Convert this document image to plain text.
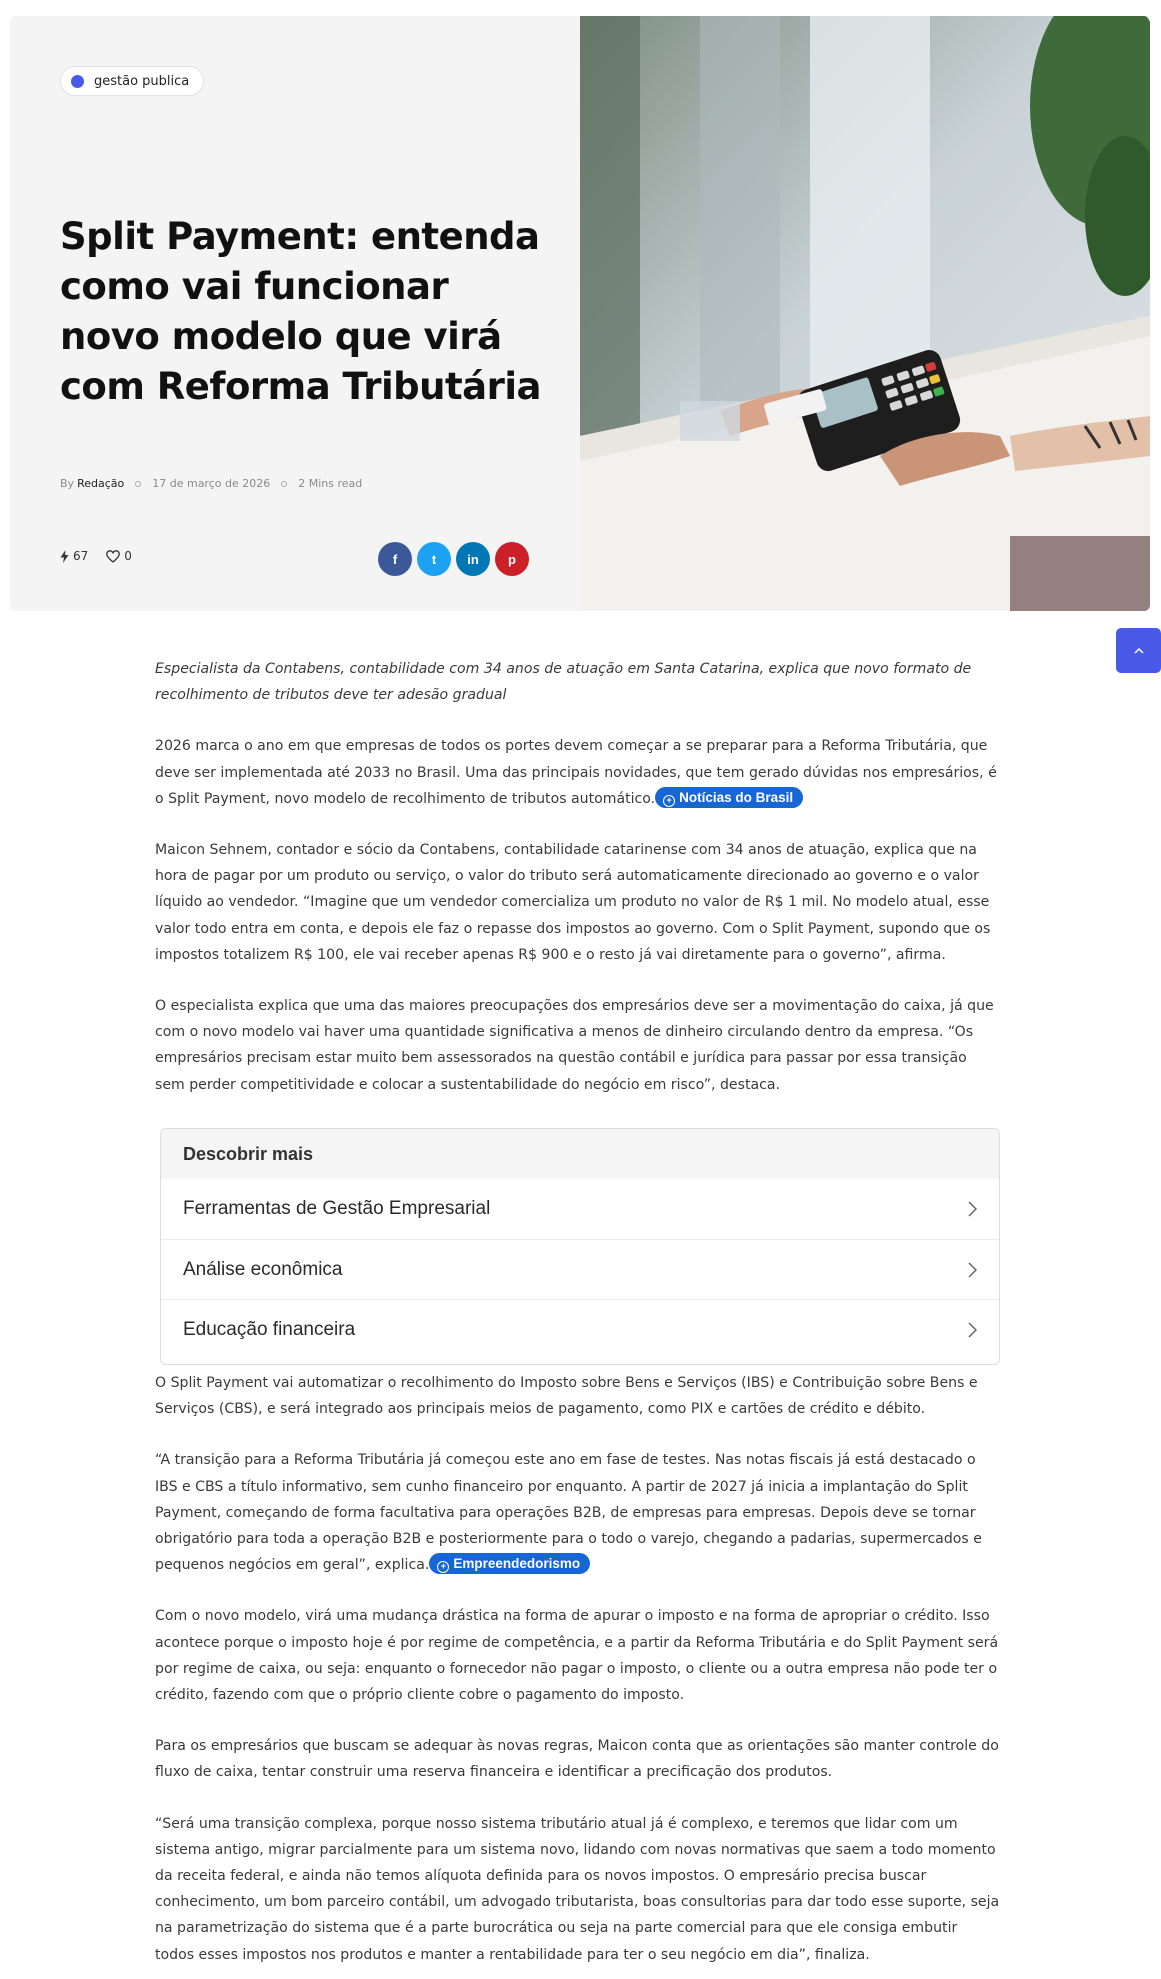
gestão publica
Split Payment: entenda como vai funcionar novo modelo que virá com Reforma Tributária
By Redação	17 de março de 2026	2 Mins read
67	0	f	t in p

Especialista da Contabens, contabilidade com 34 anos de atuação em Santa Catarina, explica que novo formato de recolhimento de tributos deve ter adesão gradual

2026 marca o ano em que empresas de todos os portes devem começar a se preparar para a Reforma Tributária, que deve ser implementada até 2033 no Brasil. Uma das principais novidades, que tem gerado dúvidas nos empresários, é o Split Payment, novo modelo de recolhimento de tributos automático. + Notícias do Brasil

Maicon Sehnem, contador e sócio da Contabens, contabilidade catarinense com 34 anos de atuação, explica que na hora de pagar por um produto ou serviço, o valor do tributo será automaticamente direcionado ao governo e o valor líquido ao vendedor. “Imagine que um vendedor comercializa um produto no valor de R$ 1 mil. No modelo atual, esse valor todo entra em conta, e depois ele faz o repasse dos impostos ao governo. Com o Split Payment, supondo que os impostos totalizem R$ 100, ele vai receber apenas R$ 900 e o resto já vai diretamente para o governo”, afirma.

O especialista explica que uma das maiores preocupações dos empresários deve ser a movimentação do caixa, já que com o novo modelo vai haver uma quantidade significativa a menos de dinheiro circulando dentro da empresa. “Os empresários precisam estar muito bem assessorados na questão contábil e jurídica para passar por essa transição sem perder competitividade e colocar a sustentabilidade do negócio em risco”, destaca.

Descobrir mais
Ferramentas de Gestão Empresarial
Análise econômica
Educação financeira

O Split Payment vai automatizar o recolhimento do Imposto sobre Bens e Serviços (IBS) e Contribuição sobre Bens e Serviços (CBS), e será integrado aos principais meios de pagamento, como PIX e cartões de crédito e débito.

“A transição para a Reforma Tributária já começou este ano em fase de testes. Nas notas fiscais já está destacado o IBS e CBS a título informativo, sem cunho financeiro por enquanto. A partir de 2027 já inicia a implantação do Split Payment, começando de forma facultativa para operações B2B, de empresas para empresas. Depois deve se tornar obrigatório para toda a operação B2B e posteriormente para o todo o varejo, chegando a padarias, supermercados e pequenos negócios em geral”, explica. + Empreendedorismo

Com o novo modelo, virá uma mudança drástica na forma de apurar o imposto e na forma de apropriar o crédito. Isso acontece porque o imposto hoje é por regime de competência, e a partir da Reforma Tributária e do Split Payment será por regime de caixa, ou seja: enquanto o fornecedor não pagar o imposto, o cliente ou a outra empresa não pode ter o crédito, fazendo com que o próprio cliente cobre o pagamento do imposto.

Para os empresários que buscam se adequar às novas regras, Maicon conta que as orientações são manter controle do fluxo de caixa, tentar construir uma reserva financeira e identificar a precificação dos produtos.

“Será uma transição complexa, porque nosso sistema tributário atual já é complexo, e teremos que lidar com um sistema antigo, migrar parcialmente para um sistema novo, lidando com novas normativas que saem a todo momento da receita federal, e ainda não temos alíquota definida para os novos impostos. O empresário precisa buscar conhecimento, um bom parceiro contábil, um advogado tributarista, boas consultorias para dar todo esse suporte, seja na parametrização do sistema que é a parte burocrática ou seja na parte comercial para que ele consiga embutir todos esses impostos nos produtos e manter a rentabilidade para ter o seu negócio em dia”, finaliza.
